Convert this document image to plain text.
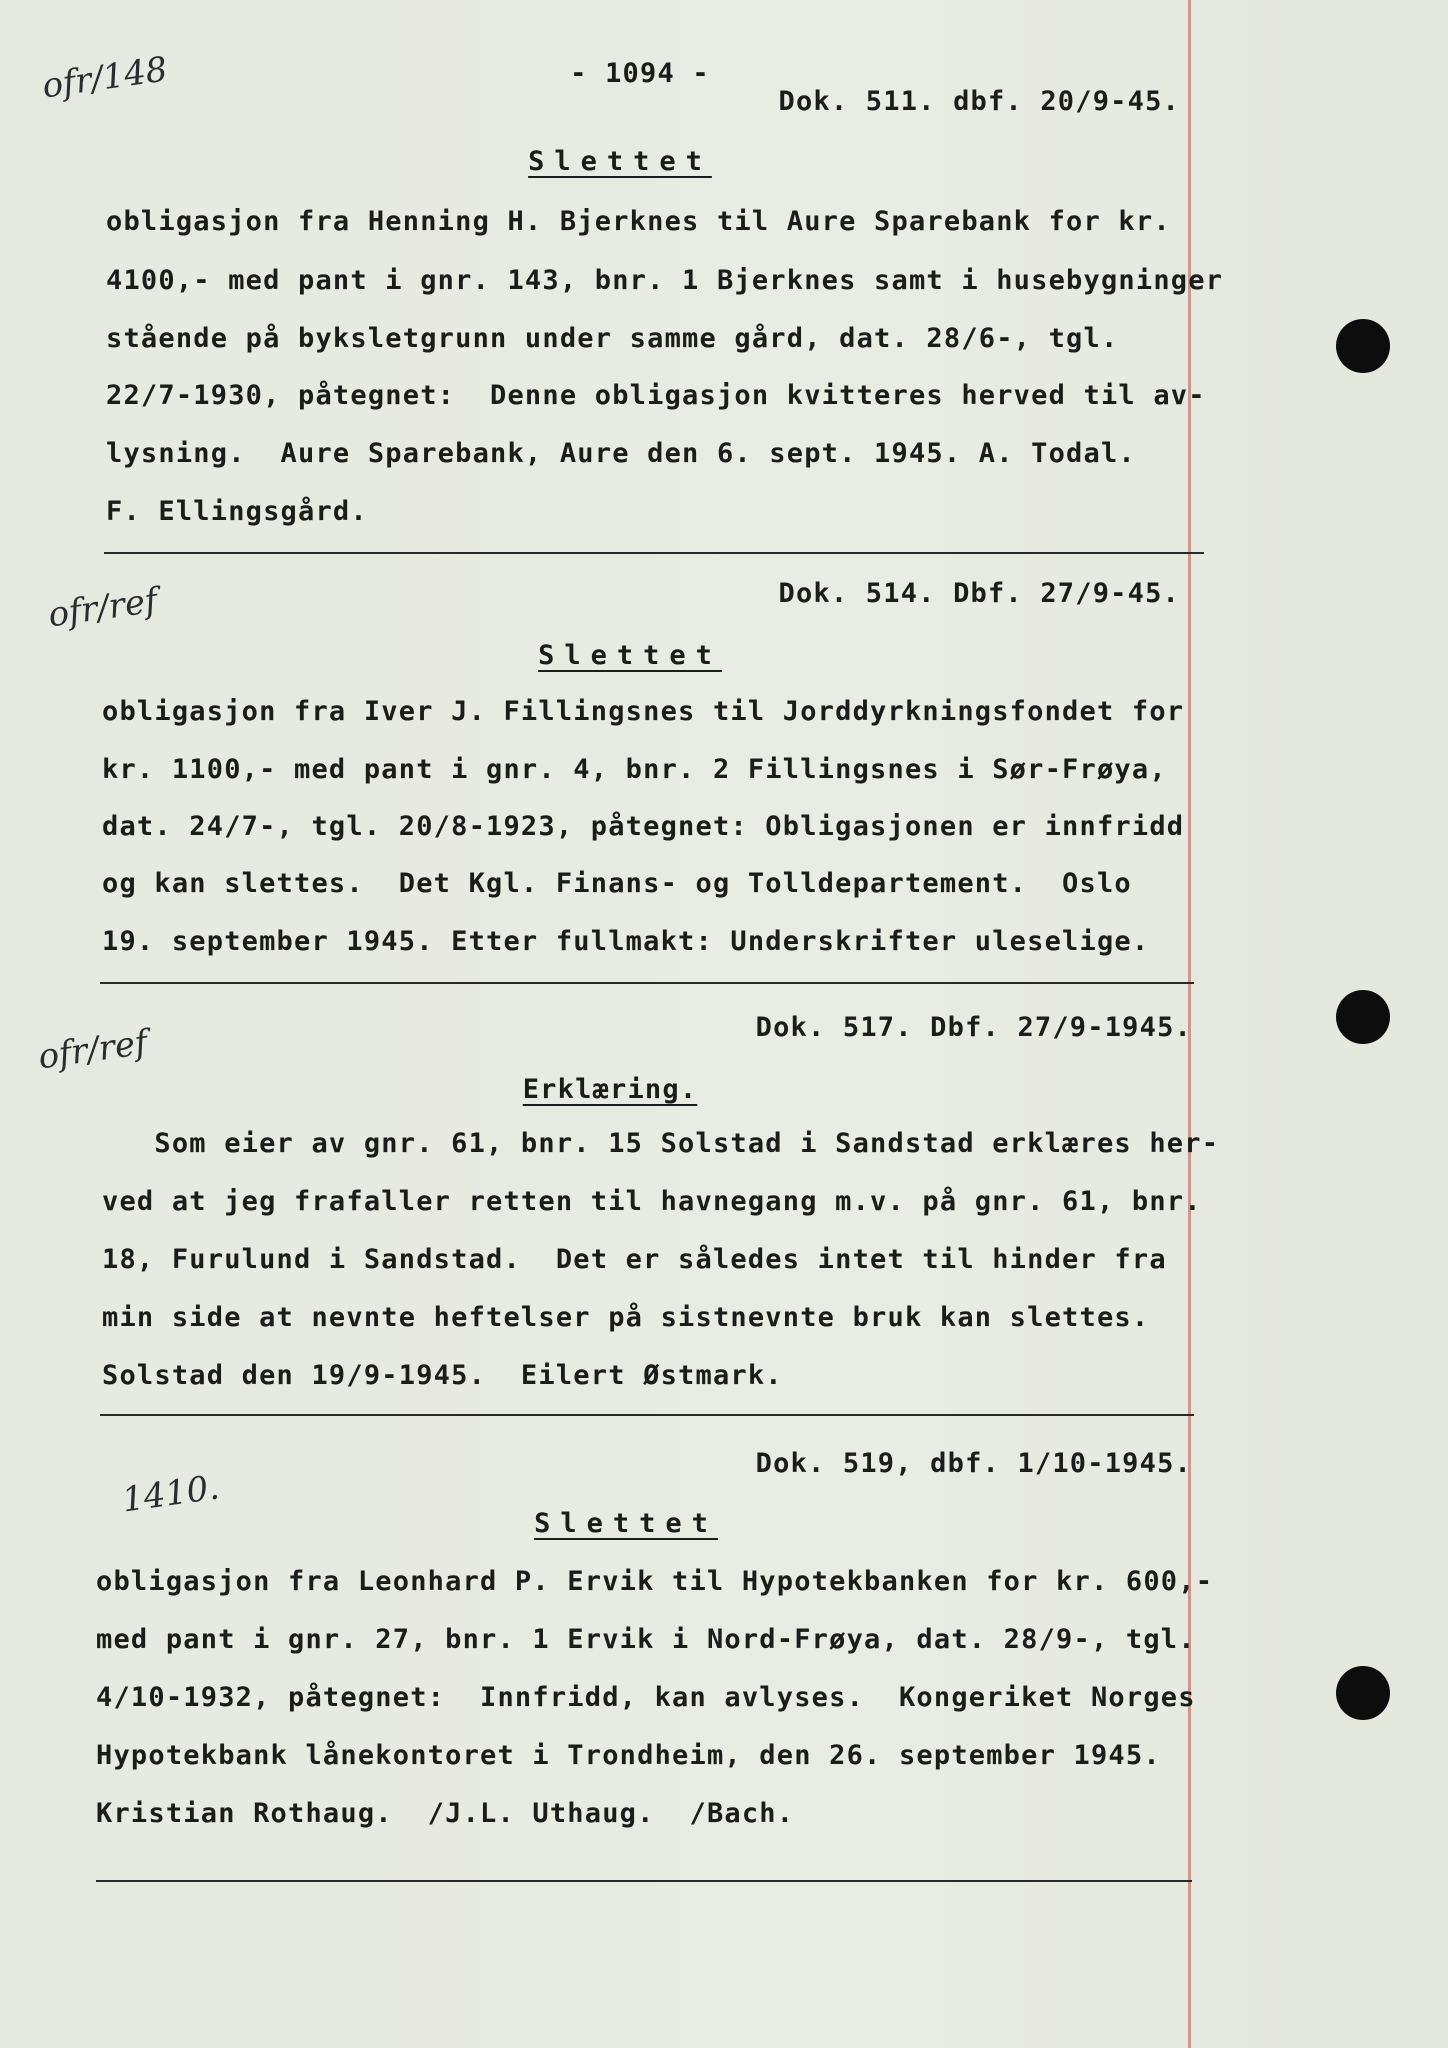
- 1094 -
ofr/148	Dok. 511. dbf. 20/9-45.
Slettet
obligasjon fra Henning H. Bjerknes til Aure Sparebank for kr.
4100,- med pant i gnr. 143, bnr. 1 Bjerknes samt i husebygninger
stående på byksletgrunn under samme gård, dat. 28/6-, tgl.
22/7-1930, påtegnet:  Denne obligasjon kvitteres herved til av-
lysning.  Aure Sparebank, Aure den 6. sept. 1945. A. Todal.
F. Ellingsgård.
ofr/ref	Dok. 514. Dbf. 27/9-45.
Slettet
obligasjon fra Iver J. Fillingsnes til Jorddyrkningsfondet for
kr. 1100,- med pant i gnr. 4, bnr. 2 Fillingsnes i Sør-Frøya,
dat. 24/7-, tgl. 20/8-1923, påtegnet: Obligasjonen er innfridd
og kan slettes.  Det Kgl. Finans- og Tolldepartement.  Oslo
19. september 1945. Etter fullmakt: Underskrifter uleselige.
ofr/ref	Dok. 517. Dbf. 27/9-1945.
Erklæring.
Som eier av gnr. 61, bnr. 15 Solstad i Sandstad erklæres her-
ved at jeg frafaller retten til havnegang m.v. på gnr. 61, bnr.
18, Furulund i Sandstad.  Det er således intet til hinder fra
min side at nevnte heftelser på sistnevnte bruk kan slettes.
Solstad den 19/9-1945.  Eilert Østmark.
1410.
Dok. 519, dbf. 1/10-1945.
Slettet
obligasjon fra Leonhard P. Ervik til Hypotekbanken for kr. 600,-
med pant i gnr. 27, bnr. 1 Ervik i Nord-Frøya, dat. 28/9-, tgl.
4/10-1932, påtegnet:  Innfridd, kan avlyses.  Kongeriket Norges
Hypotekbank lånekontoret i Trondheim, den 26. september 1945.
Kristian Rothaug.  /J.L. Uthaug.  /Bach.
